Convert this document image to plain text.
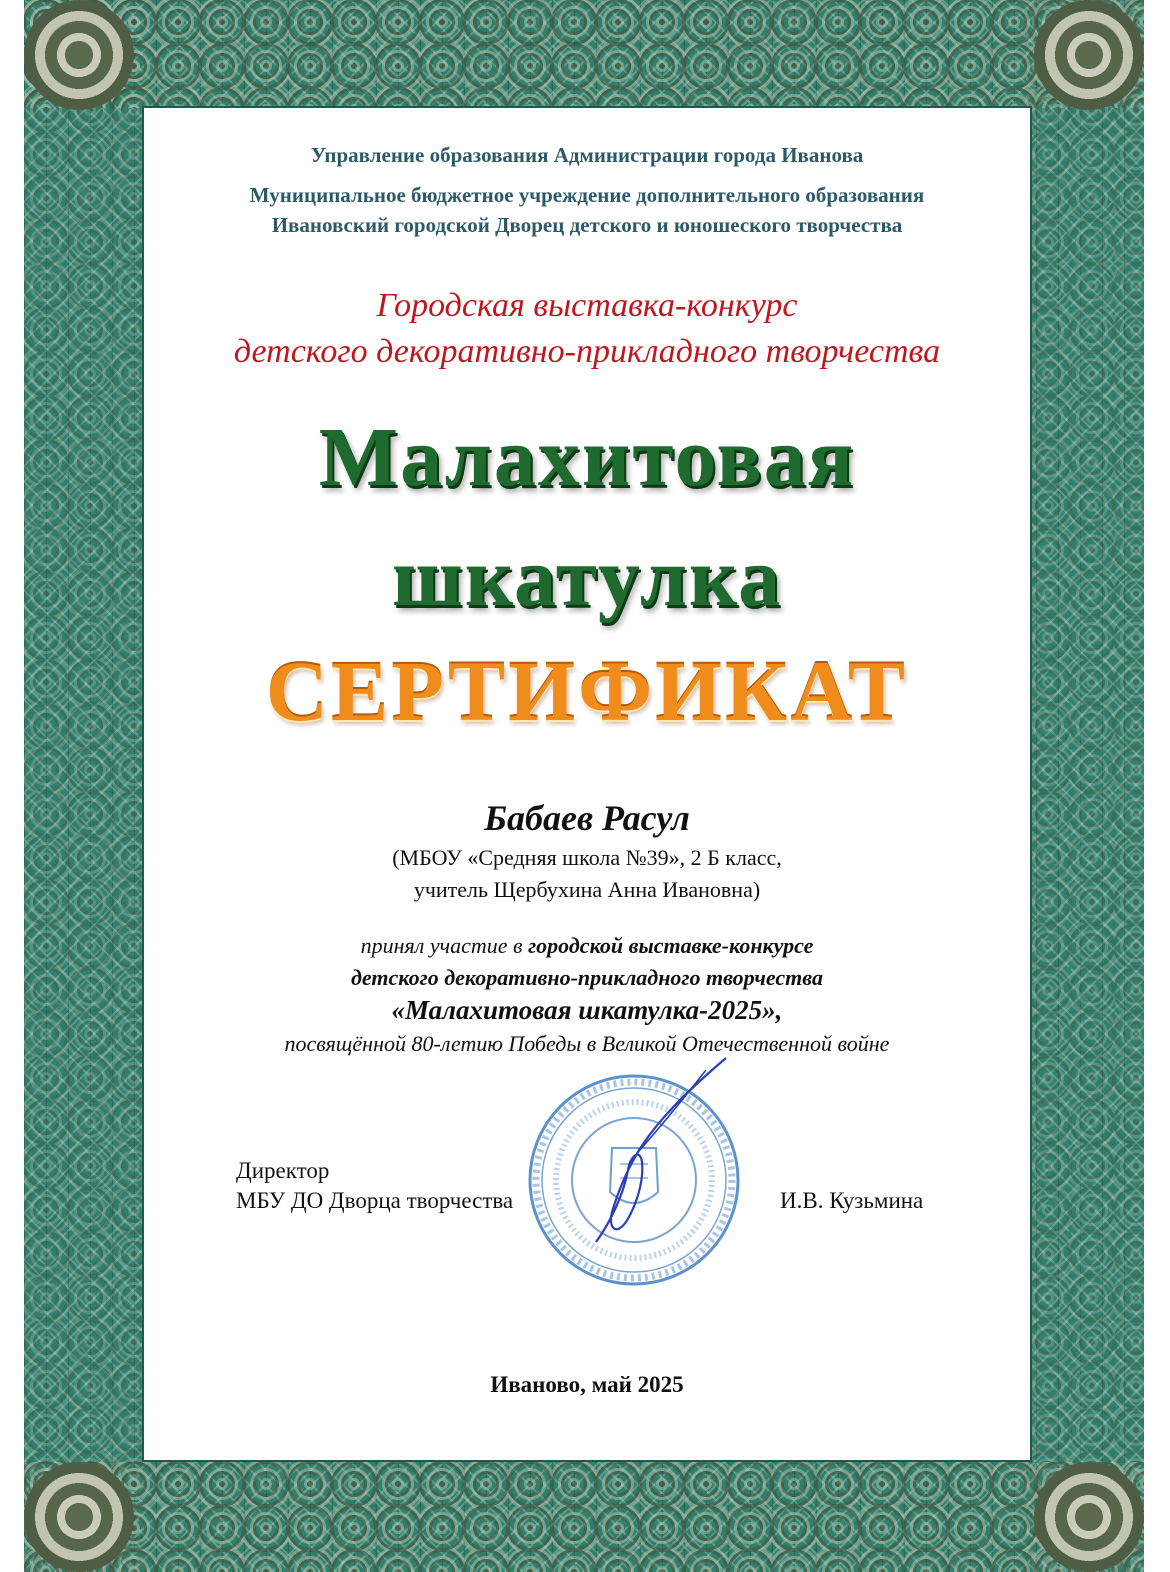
Управление образования Администрации города Иванова
Муниципальное бюджетное учреждение дополнительного образования
Ивановский городской Дворец детского и юношеского творчества
Городская выставка-конкурс
детского декоративно-прикладного творчества
Малахитовая
шкатулка
СЕРТИФИКАТ
Бабаев Расул
(МБОУ «Средняя школа №39», 2 Б класс,
учитель Щербухина Анна Ивановна)
принял участие в городской выставке-конкурсе
детского декоративно-прикладного творчества
«Малахитовая шкатулка-2025»,
посвящённой 80-летию Победы в Великой Отечественной войне
Директор
МБУ ДО Дворца творчества	И.В. Кузьмина
Иваново, май 2025
